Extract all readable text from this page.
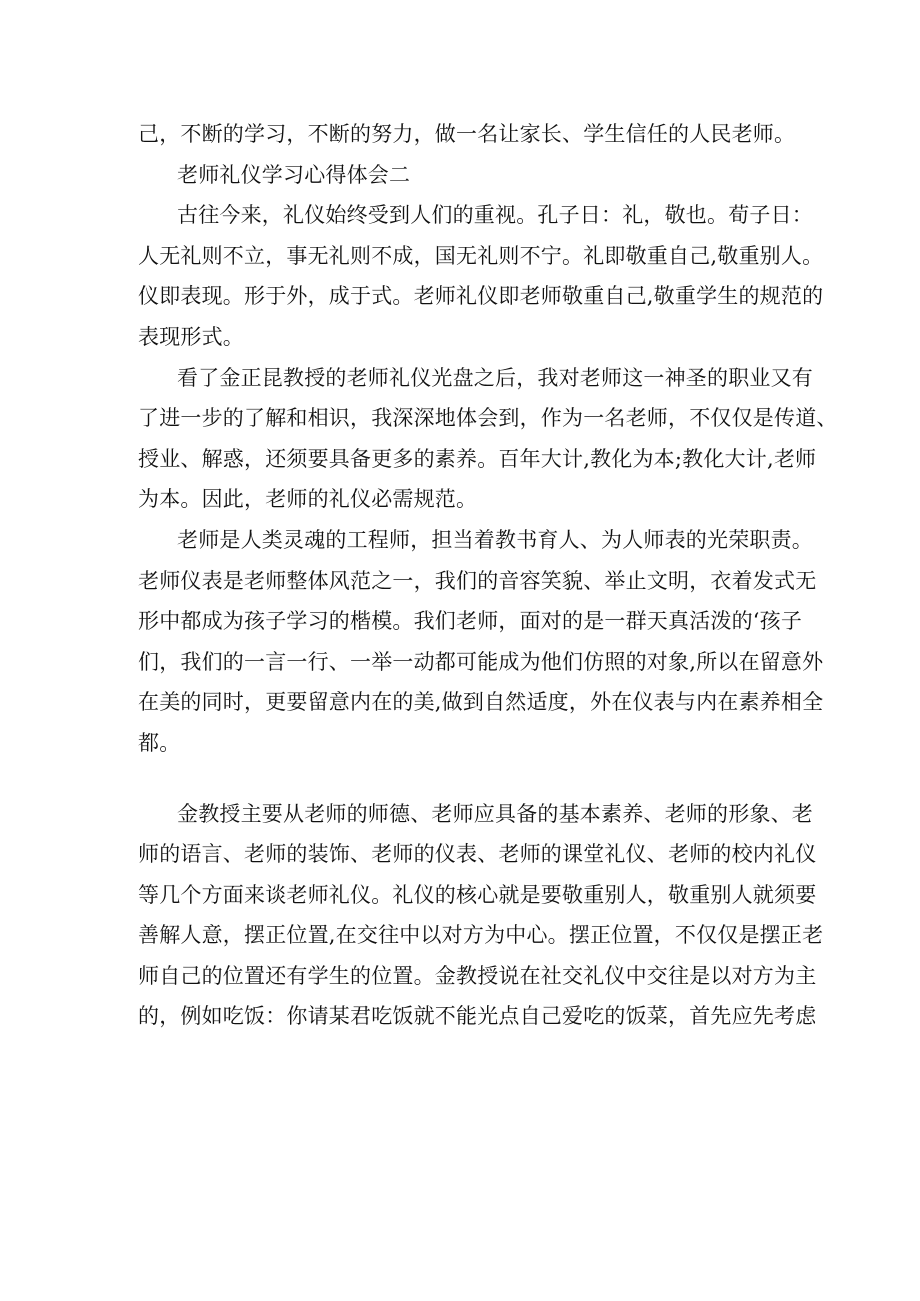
己，不断的学习，不断的努力，做一名让家长、学生信任的人民老师。
老师礼仪学习心得体会二
古往今来，礼仪始终受到人们的重视。孔子日：礼，敬也。荀子日：
人无礼则不立，事无礼则不成，国无礼则不宁。礼即敬重自己,敬重别人。
仪即表现。形于外，成于式。老师礼仪即老师敬重自己,敬重学生的规范的
表现形式。
看了金正昆教授的老师礼仪光盘之后，我对老师这一神圣的职业又有
了进一步的了解和相识，我深深地体会到，作为一名老师，不仅仅是传道、
授业、解惑，还须要具备更多的素养。百年大计,教化为本;教化大计,老师
为本。因此，老师的礼仪必需规范。
老师是人类灵魂的工程师，担当着教书育人、为人师表的光荣职责。
老师仪表是老师整体风范之一，我们的音容笑貌、举止文明，衣着发式无
形中都成为孩子学习的楷模。我们老师，面对的是一群天真活泼的‘孩子
们，我们的一言一行、一举一动都可能成为他们仿照的对象,所以在留意外
在美的同时，更要留意内在的美,做到自然适度，外在仪表与内在素养相全
都。
金教授主要从老师的师德、老师应具备的基本素养、老师的形象、老
师的语言、老师的装饰、老师的仪表、老师的课堂礼仪、老师的校内礼仪
等几个方面来谈老师礼仪。礼仪的核心就是要敬重别人，敬重别人就须要
善解人意，摆正位置,在交往中以对方为中心。摆正位置，不仅仅是摆正老
师自己的位置还有学生的位置。金教授说在社交礼仪中交往是以对方为主
的，例如吃饭：你请某君吃饭就不能光点自己爱吃的饭菜，首先应先考虑
